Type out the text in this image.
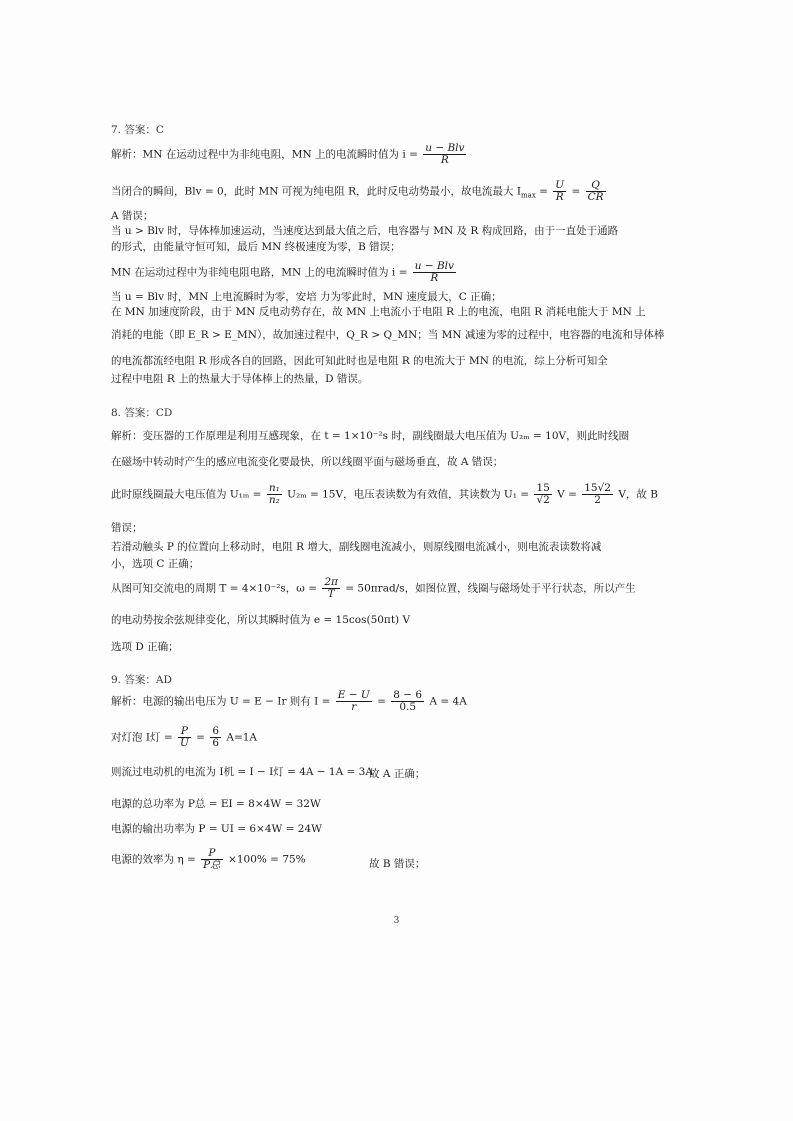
7. 答案：C
解析：MN 在运动过程中为非纯电阻，MN 上的电流瞬时值为 $i = \frac{\text{u − Blv}}{R}$
当闭合的瞬间，Blv = 0，此时 MN 可视为纯电阻 R，此时反电动势最小，故电流最大 $I_{max} = \frac{U}{R} = \frac{Q}{CR}$
A 错误；
当 u > Blv 时，导体棒加速运动，当速度达到最大值之后，电容器与 MN 及 R 构成回路，由于一直处于通路
的形式，由能量守恒可知，最后 MN 终极速度为零，B 错误；
MN 在运动过程中为非纯电阻电路，MN 上的电流瞬时值为 $i = \frac{\text{u − Blv}}{R}$
当 u = Blv 时，MN 上电流瞬时为零，安培 力为零此时，MN 速度最大，C 正确；
在 MN 加速度阶段，由于 MN 反电动势存在，故 MN 上电流小于电阻 R 上的电流，电阻 R 消耗电能大于 MN 上
消耗的电能（即 E_R > E_MN），故加速过程中，Q_R > Q_MN；当 MN 减速为零的过程中，电容器的电流和导体棒
的电流都流经电阻 R 形成各自的回路，因此可知此时也是电阻 R 的电流大于 MN 的电流，综上分析可知全
过程中电阻 R 上的热量大于导体棒上的热量，D 错误。
8. 答案：CD
解析：变压器的工作原理是利用互感现象，在 t = 1×10⁻²s 时，副线圈最大电压值为 U₂ₘ = 10V，则此时线圈
在磁场中转动时产生的感应电流变化要最快，所以线圈平面与磁场垂直，故 A 错误；
此时原线圈最大电压值为 $U_{1m} = \frac{\text{n₁}}{\text{n₂}} U_{2m} = 15V$，电压表读数为有效值，其读数为 $U_1 = \frac{15}{√2}$ $V = \frac{15√2}{2}$ V，故 B
错误；
若滑动触头 P 的位置向上移动时，电阻 R 增大，副线圈电流减小，则原线圈电流减小，则电流表读数将减
小，选项 C 正确；
从图可知交流电的周期 T = 4×10⁻²s，$\omega = \frac{2\pi}{T} = 50\pi rad/s$，如图位置，线圈与磁场处于平行状态，所以产生
的电动势按余弦规律变化，所以其瞬时值为 e = 15cos(50πt) V
选项 D 正确；
9. 答案：AD
解析：电源的输出电压为 U = E − Ir 则有 $I = \frac{E - U}{r} = \frac{8 - 6}{0.5}$ A = 4A
对灯泡 I灯 = $\frac{P}{U} = \frac{6}{6} A=1A$
则流过电动机的电流为 I机 = I − I灯 = 4A − 1A = 3A
故 A 正确；
电源的总功率为 P总 = EI = 8×4W = 32W
电源的输出功率为 P = UI = 6×4W = 24W
电源的效率为 $\eta = \frac{P}{\text{P总}} \times 100\% = 75\%$	故 B 错误；
3
